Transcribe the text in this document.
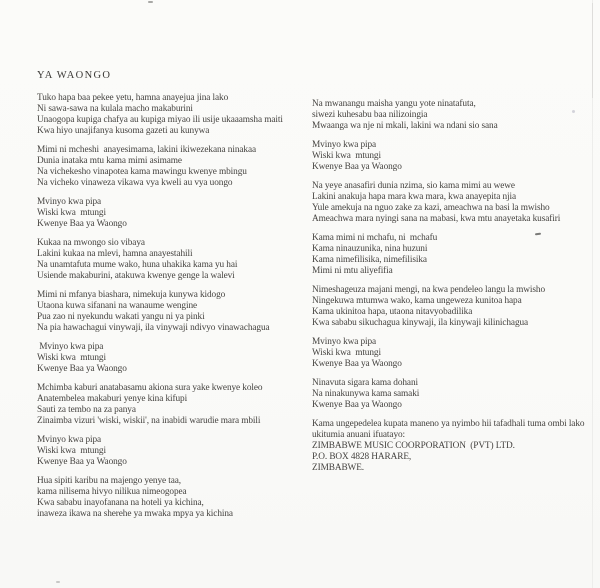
YA WAONGO
Tuko hapa baa pekee yetu, hamna anayejua jina lako
Ni sawa-sawa na kulala macho makaburini
Unaogopa kupiga chafya au kupiga miyao ili usije ukaaamsha maiti
Kwa hiyo unajifanya kusoma gazeti au kunywa
Mimi ni mcheshi  anayesimama, lakini ikiwezekana ninakaa
Dunia inataka mtu kama mimi asimame
Na vichekesho vinapotea kama mawingu kwenye mbingu
Na vicheko vinaweza vikawa vya kweli au vya uongo
Mvinyo kwa pipa
Wiski kwa  mtungi
Kwenye Baa ya Waongo
Kukaa na mwongo sio vibaya
Lakini kukaa na mlevi, hamna anayestahili
Na unamtafuta mume wako, huna uhakika kama yu hai
Usiende makaburini, atakuwa kwenye genge la walevi
Mimi ni mfanya biashara, nimekuja kunywa kidogo
Utaona kuwa sifanani na wanaume wengine
Pua zao ni nyekundu wakati yangu ni ya pinki
Na pia hawachagui vinywaji, ila vinywaji ndivyo vinawachagua
Mvinyo kwa pipa
Wiski kwa  mtungi
Kwenye Baa ya Waongo
Mchimba kaburi anatabasamu akiona sura yake kwenye koleo
Anatembelea makaburi yenye kina kifupi
Sauti za tembo na za panya
Zinaimba vizuri 'wiski, wiskii', na inabidi warudie mara mbili
Mvinyo kwa pipa
Wiski kwa  mtungi
Kwenye Baa ya Waongo
Hua sipiti karibu na majengo yenye taa,
kama nilisema hivyo nilikua nimeogopea
Kwa sababu inayofanana na hoteli ya kichina,
inaweza ikawa na sherehe ya mwaka mpya ya kichina
Na mwanangu maisha yangu yote ninatafuta,
siwezi kuhesabu baa nilizoingia
Mwaanga wa nje ni mkali, lakini wa ndani sio sana
Mvinyo kwa pipa
Wiski kwa  mtungi
Kwenye Baa ya Waongo
Na yeye anasafiri dunia nzima, sio kama mimi au wewe
Lakini anakuja hapa mara kwa mara, kwa anayepita njia
Yule amekuja na nguo zake za kazi, ameachwa na basi la mwisho
Ameachwa mara nyingi sana na mabasi, kwa mtu anayetaka kusafiri
Kama mimi ni mchafu, ni  mchafu
Kama ninauzunika, nina huzuni
Kama nimefilisika, nimefilisika
Mimi ni mtu aliyefifia
Nimeshageuza majani mengi, na kwa pendeleo langu la mwisho
Ningekuwa mtumwa wako, kama ungeweza kunitoa hapa
Kama ukinitoa hapa, utaona nitavyobadilika
Kwa sababu sikuchagua kinywaji, ila kinywaji kilinichagua
Mvinyo kwa pipa
Wiski kwa  mtungi
Kwenye Baa ya Waongo
Ninavuta sigara kama dohani
Na ninakunywa kama samaki
Kwenye Baa ya Waongo
Kama ungepedelea kupata maneno ya nyimbo hii tafadhali tuma ombi lako
ukitumia anuani ifuatayo:
ZIMBABWE MUSIC COORPORATION  (PVT) LTD.
P.O. BOX 4828 HARARE,
ZIMBABWE.
